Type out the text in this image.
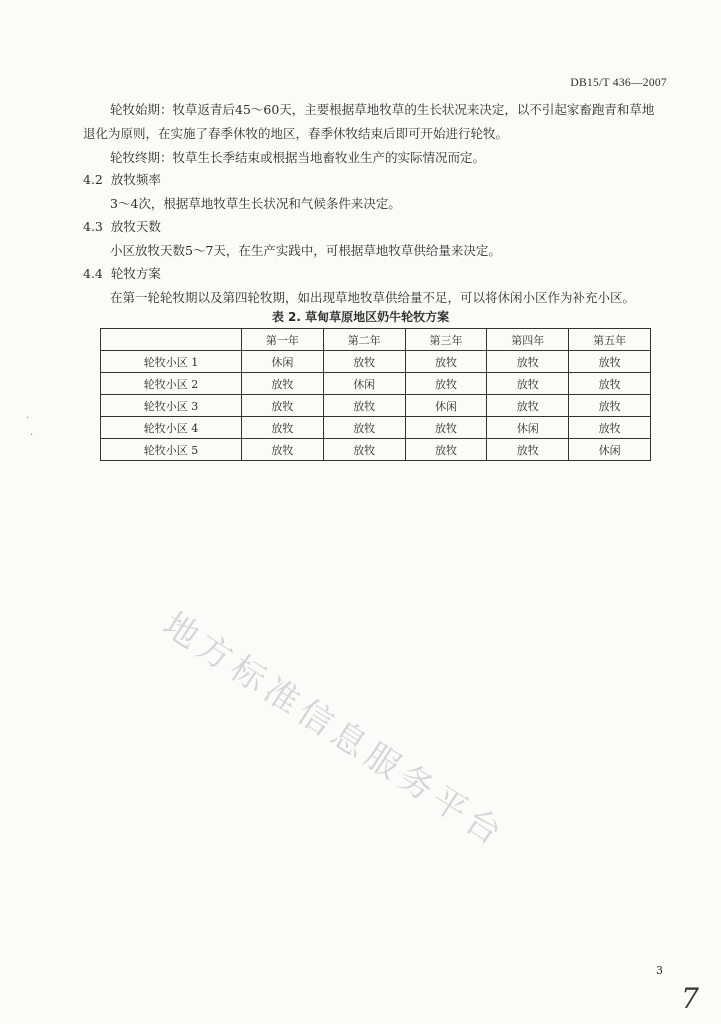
DB15/T 436—2007
轮牧始期：牧草返青后45～60天，主要根据草地牧草的生长状况来决定，以不引起家畜跑青和草地
退化为原则，在实施了春季休牧的地区，春季休牧结束后即可开始进行轮牧。
轮牧终期：牧草生长季结束或根据当地畜牧业生产的实际情况而定。
4.2 放牧频率
3～4次，根据草地牧草生长状况和气候条件来决定。
4.3 放牧天数
小区放牧天数5～7天，在生产实践中，可根据草地牧草供给量来决定。
4.4 轮牧方案
在第一轮轮牧期以及第四轮牧期，如出现草地牧草供给量不足，可以将休闲小区作为补充小区。
表 2. 草甸草原地区奶牛轮牧方案
	第一年	第二年	第三年	第四年	第五年
轮牧小区 1	休闲	放牧	放牧	放牧	放牧
轮牧小区 2	放牧	休闲	放牧	放牧	放牧
轮牧小区 3	放牧	放牧	休闲	放牧	放牧
轮牧小区 4	放牧	放牧	放牧	休闲	放牧
轮牧小区 5	放牧	放牧	放牧	放牧	休闲
·
·
地方标准信息服务平台
3
7
